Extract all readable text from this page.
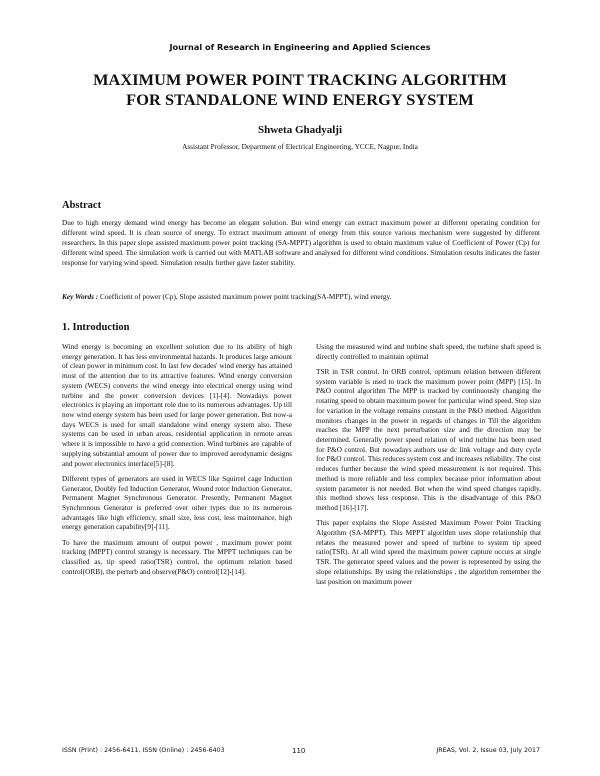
Journal of Research in Engineering and Applied Sciences
MAXIMUM POWER POINT TRACKING ALGORITHM
FOR STANDALONE WIND ENERGY SYSTEM
Shweta Ghadyalji
Assistant Professor, Department of Electrical Engineering, YCCE, Nagpur, India
Abstract
Due to high energy demand wind energy has become an elegant solution. But wind energy can extract maximum power at different operating condition for different wind speed. It is clean source of energy. To extract maximum amount of energy from this source various mechanism were suggested by different researchers. In this paper slope assisted maximum power point tracking (SA-MPPT) algorithm is used to obtain maximum value of Coefficient of Power (Cp) for different wind speed. The simulation work is carried out with MATLAB software and analysed for different wind conditions. Simulation results indicates the faster response for varying wind speed. Simulation results further gave faster stability.
Key Words : Coefficient of power (Cp), Slope assisted maximum power point tracking(SA-MPPT), wind energy.
1. Introduction

Wind energy is becoming an excellent solution due to its ability of high energy generation. It has less environmental hazards. It produces large amount of clean power in minimum cost. In last few decades' wind energy has attained most of the attention due to its attractive features. Wind energy conversion system (WECS) converts the wind energy into electrical energy using wind turbine and the power conversion devices [1]-[4]. Nowadays power electronics is playing an important role due to its numerous advantages. Up till now wind energy system has been used for large power generation. But now-a days WECS is used for small standalone wind energy system also. These systems can be used in urban areas, residential application in remote areas where it is impossible to have a grid connection. Wind turbines are capable of supplying substantial amount of power due to improved aerodynamic designs and power electronics interface[5]-[8].

Different types of generators are used in WECS like Squirrel cage Induction Generator, Doubly fed Induction Generator, Wound rotor Induction Generator, Permanent Magnet Synchronous Generator. Presently, Permanent Magnet Synchronous Generator is preferred over other types due to its numerous advantages like high efficiency, small size, less cost, less maintenance, high energy generation capability[9]-[11].

To have the maximum amount of output power , maximum power point tracking (MPPT) control strategy is necessary. The MPPT techniques can be classified as, tip speed ratio(TSR) control, the optimum relation based control(ORB), the perturb and observe(P&O) control[12]-[14].

Using the measured wind and turbine shaft speed, the turbine shaft speed is directly controlled to maintain optimal

TSR in TSR control. In ORB control, optimum relation between different system variable is used to track the maximum power point (MPP) [15]. In P&O control algorithm The MPP is tracked by continuously changing the rotating speed to obtain maximum power for particular wind speed. Step size for variation in the voltage remains constant in the P&O method. Algorithm monitors changes in the power in regards of changes in Till the algorithm reaches the MPP the next perturbation size and the direction may be determined. Generally power speed relation of wind turbine has been used for P&O control. But nowadays authors use dc link voltage and duty cycle for P&O control. This reduces system cost and increases reliability. The cost reduces further because the wind speed measurement is not required. This method is more reliable and less complex because prior information about system parameter is not needed. But when the wind speed changes rapidly, this method shows less response. This is the disadvantage of this P&O method [16]-[17].

This paper explains the Slope Assisted Maximum Power Point Tracking Algorithm (SA-MPPT). This MPPT algorithm uses slope relationship that relates the measured power and speed of turbine to system tip speed ratio(TSR). At all wind speed the maximum power capture occurs at single TSR. The generator speed values and the power is represented by using the slope relationships. By using the relationships , the algorithm remember the last position on maximum power

ISSN (Print) : 2456-6411, ISSN (Online) : 2456-6403	110	JREAS, Vol. 2, Issue 03, July 2017
